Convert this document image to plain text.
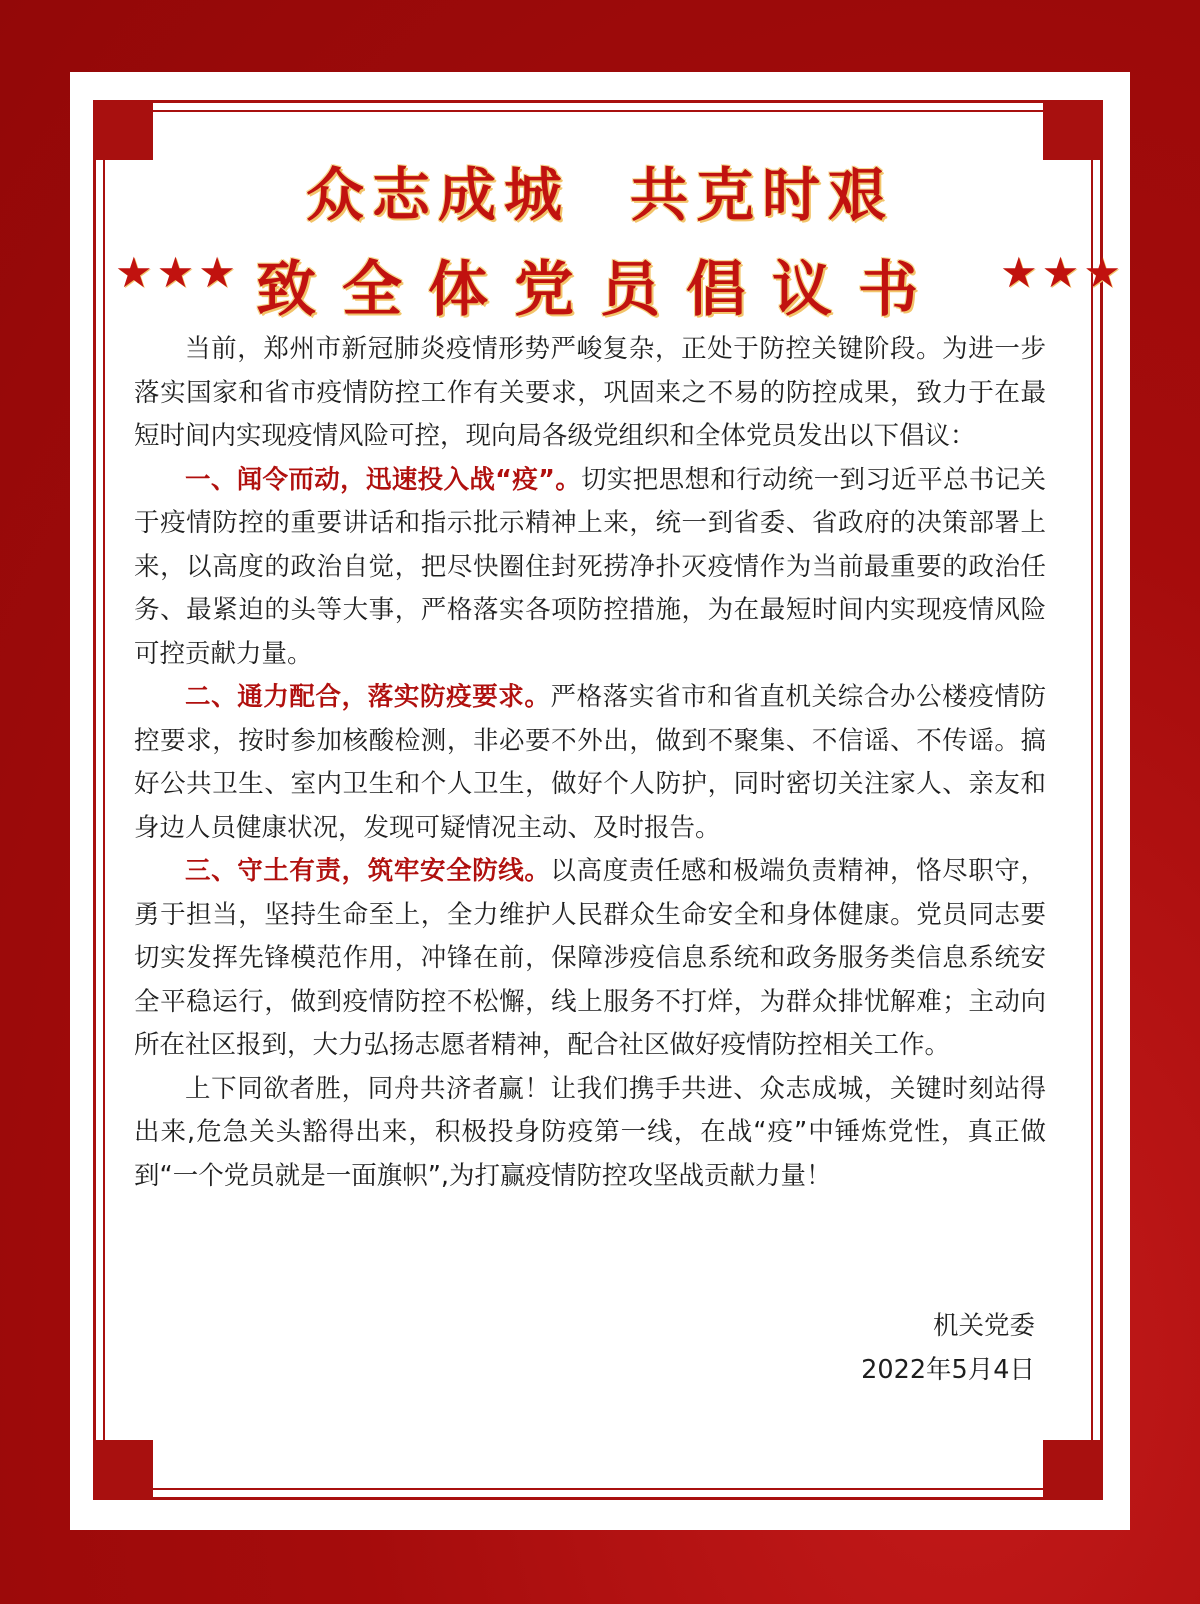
众志成城 共克时艰
★★★ 致全体党员倡议书	★★★

当前，郑州市新冠肺炎疫情形势严峻复杂，正处于防控关键阶段。为进一步落实国家和省市疫情防控工作有关要求，巩固来之不易的防控成果，致力于在最短时间内实现疫情风险可控，现向局各级党组织和全体党员发出以下倡议：

一、闻令而动，迅速投入战“疫”。切实把思想和行动统一到习近平总书记关于疫情防控的重要讲话和指示批示精神上来，统一到省委、省政府的决策部署上来，以高度的政治自觉，把尽快圈住封死捞净扑灭疫情作为当前最重要的政治任务、最紧迫的头等大事，严格落实各项防控措施，为在最短时间内实现疫情风险可控贡献力量。

二、通力配合，落实防疫要求。严格落实省市和省直机关综合办公楼疫情防控要求，按时参加核酸检测，非必要不外出，做到不聚集、不信谣、不传谣。搞好公共卫生、室内卫生和个人卫生，做好个人防护，同时密切关注家人、亲友和身边人员健康状况，发现可疑情况主动、及时报告。

三、守土有责，筑牢安全防线。以高度责任感和极端负责精神，恪尽职守，勇于担当，坚持生命至上，全力维护人民群众生命安全和身体健康。党员同志要切实发挥先锋模范作用，冲锋在前，保障涉疫信息系统和政务服务类信息系统安全平稳运行，做到疫情防控不松懈，线上服务不打烊，为群众排忧解难；主动向所在社区报到，大力弘扬志愿者精神，配合社区做好疫情防控相关工作。

上下同欲者胜，同舟共济者赢！让我们携手共进、众志成城，关键时刻站得出来,危急关头豁得出来，积极投身防疫第一线，在战“疫”中锤炼党性，真正做到“一个党员就是一面旗帜”,为打赢疫情防控攻坚战贡献力量！

机关党委
2022年5月4日
